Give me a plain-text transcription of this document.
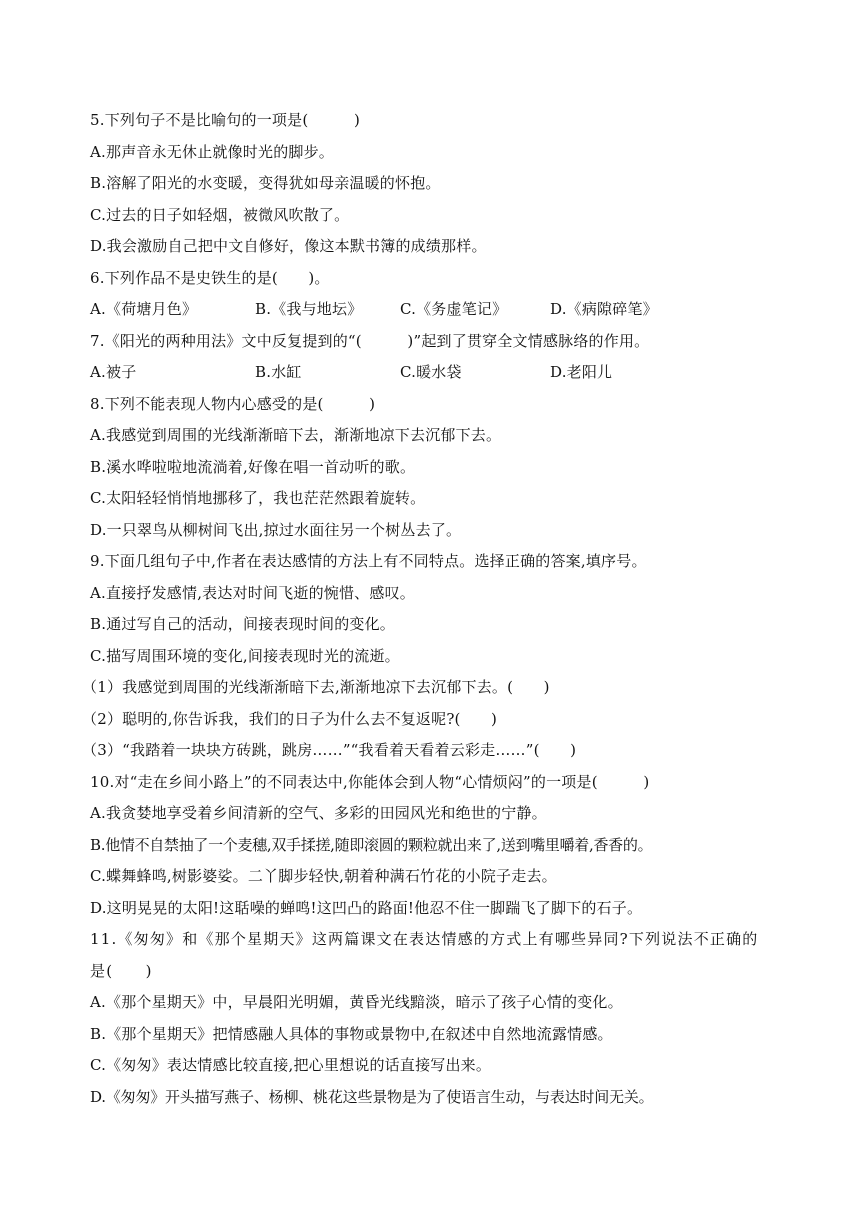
5.下列句子不是比喻句的一项是(　　　)
A.那声音永无休止就像时光的脚步。
B.溶解了阳光的水变暖，变得犹如母亲温暖的怀抱。
C.过去的日子如轻烟，被微风吹散了。
D.我会激励自己把中文自修好，像这本默书簿的成绩那样。
6.下列作品不是史铁生的是(　　)。
A.《荷塘月色》	B.《我与地坛》	C.《务虚笔记》	D.《病隙碎笔》
7.《阳光的两种用法》文中反复提到的“(　　　)”起到了贯穿全文情感脉络的作用。
A.被子	B.水缸	C.暖水袋	D.老阳儿
8.下列不能表现人物内心感受的是(　　　)
A.我感觉到周围的光线渐渐暗下去，渐渐地凉下去沉郁下去。
B.溪水哗啦啦地流淌着,好像在唱一首动听的歌。
C.太阳轻轻悄悄地挪移了，我也茫茫然跟着旋转。
D.一只翠鸟从柳树间飞出,掠过水面往另一个树丛去了。
9.下面几组句子中,作者在表达感情的方法上有不同特点。选择正确的答案,填序号。
A.直接抒发感情,表达对时间飞逝的惋惜、感叹。
B.通过写自己的活动，间接表现时间的变化。
C.描写周围环境的变化,间接表现时光的流逝。
（1）我感觉到周围的光线渐渐暗下去,渐渐地凉下去沉郁下去。(　　)
（2）聪明的,你告诉我，我们的日子为什么去不复返呢?(　　)
（3）“我踏着一块块方砖跳，跳房……”“我看着天看着云彩走……”(　　)
10.对“走在乡间小路上”的不同表达中,你能体会到人物“心情烦闷”的一项是(　　　)
A.我贪婪地享受着乡间清新的空气、多彩的田园风光和绝世的宁静。
B.他情不自禁抽了一个麦穗,双手揉搓,随即滚圆的颗粒就出来了,送到嘴里嚼着,香香的。
C.蝶舞蜂鸣,树影婆娑。二丫脚步轻快,朝着种满石竹花的小院子走去。
D.这明晃晃的太阳!这聒噪的蝉鸣!这凹凸的路面!他忍不住一脚踹飞了脚下的石子。
11.《匆匆》和《那个星期天》这两篇课文在表达情感的方式上有哪些异同?下列说法不正确的是(　　)
A.《那个星期天》中，早晨阳光明媚，黄昏光线黯淡，暗示了孩子心情的变化。
B.《那个星期天》把情感融人具体的事物或景物中,在叙述中自然地流露情感。
C.《匆匆》表达情感比较直接,把心里想说的话直接写出来。
D.《匆匆》开头描写燕子、杨柳、桃花这些景物是为了使语言生动，与表达时间无关。
